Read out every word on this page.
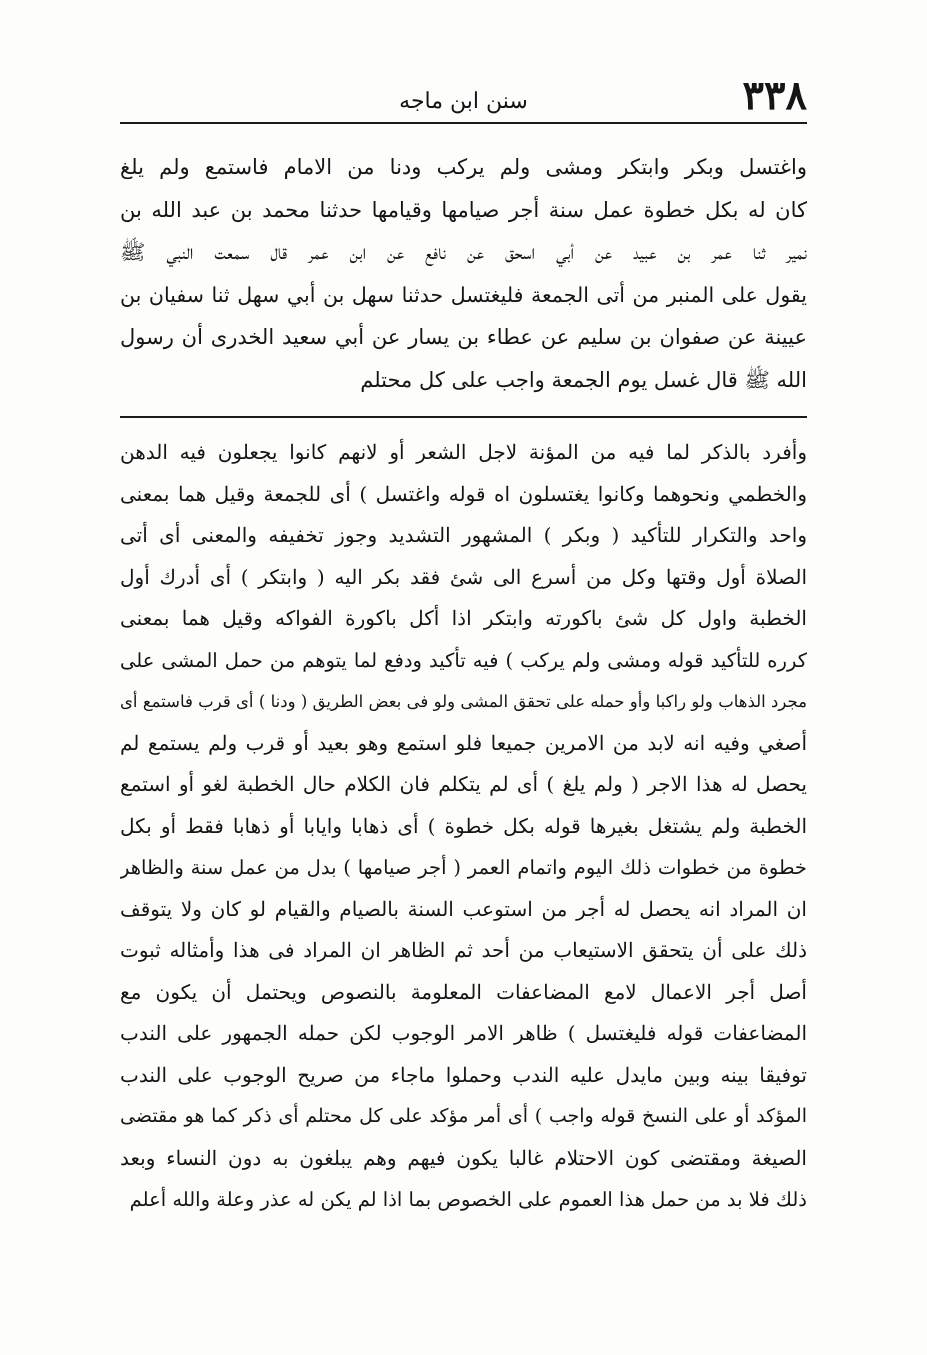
٣٣٨
سنن ابن ماجه
واغتسل وبكر وابتكر ومشى ولم يركب ودنا من الامام فاستمع ولم يلغ
كان له بكل خطوة عمل سنة أجر صيامها وقيامها حدثنا محمد بن عبد الله بن
نمير ثنا عمر بن عبيد عن أبي اسحق عن نافع عن ابن عمر قال سمعت النبي ﷺ
يقول على المنبر من أتى الجمعة فليغتسل حدثنا سهل بن أبي سهل ثنا سفيان بن
عيينة عن صفوان بن سليم عن عطاء بن يسار عن أبي سعيد الخدرى أن رسول
الله ﷺ قال غسل يوم الجمعة واجب على كل محتلم
وأفرد بالذكر لما فيه من المؤنة لاجل الشعر أو لانهم كانوا يجعلون فيه الدهن
والخطمي ونحوهما وكانوا يغتسلون اه قوله واغتسل ) أى للجمعة وقيل هما بمعنى
واحد والتكرار للتأكيد ( وبكر ) المشهور التشديد وجوز تخفيفه والمعنى أى أتى
الصلاة أول وقتها وكل من أسرع الى شئ فقد بكر اليه ( وابتكر ) أى أدرك أول
الخطبة واول كل شئ باكورته وابتكر اذا أكل باكورة الفواكه وقيل هما بمعنى
كرره للتأكيد قوله ومشى ولم يركب ) فيه تأكيد ودفع لما يتوهم من حمل المشى على
مجرد الذهاب ولو راكبا وأو حمله على تحقق المشى ولو فى بعض الطريق ( ودنا ) أى قرب فاستمع أى
أصغي وفيه انه لابد من الامرين جميعا فلو استمع وهو بعيد أو قرب ولم يستمع لم
يحصل له هذا الاجر ( ولم يلغ ) أى لم يتكلم فان الكلام حال الخطبة لغو أو استمع
الخطبة ولم يشتغل بغيرها قوله بكل خطوة ) أى ذهابا وايابا أو ذهابا فقط أو بكل
خطوة من خطوات ذلك اليوم واتمام العمر ( أجر صيامها ) بدل من عمل سنة والظاهر
ان المراد انه يحصل له أجر من استوعب السنة بالصيام والقيام لو كان ولا يتوقف
ذلك على أن يتحقق الاستيعاب من أحد ثم الظاهر ان المراد فى هذا وأمثاله ثبوت
أصل أجر الاعمال لامع المضاعفات المعلومة بالنصوص ويحتمل أن يكون مع
المضاعفات قوله فليغتسل ) ظاهر الامر الوجوب لكن حمله الجمهور على الندب
توفيقا بينه وبين مايدل عليه الندب وحملوا ماجاء من صريح الوجوب على الندب
المؤكد أو على النسخ قوله واجب ) أى أمر مؤكد على كل محتلم أى ذكر كما هو مقتضى
الصيغة ومقتضى كون الاحتلام غالبا يكون فيهم وهم يبلغون به دون النساء وبعد
ذلك فلا بد من حمل هذا العموم على الخصوص بما اذا لم يكن له عذر وعلة والله أعلم
